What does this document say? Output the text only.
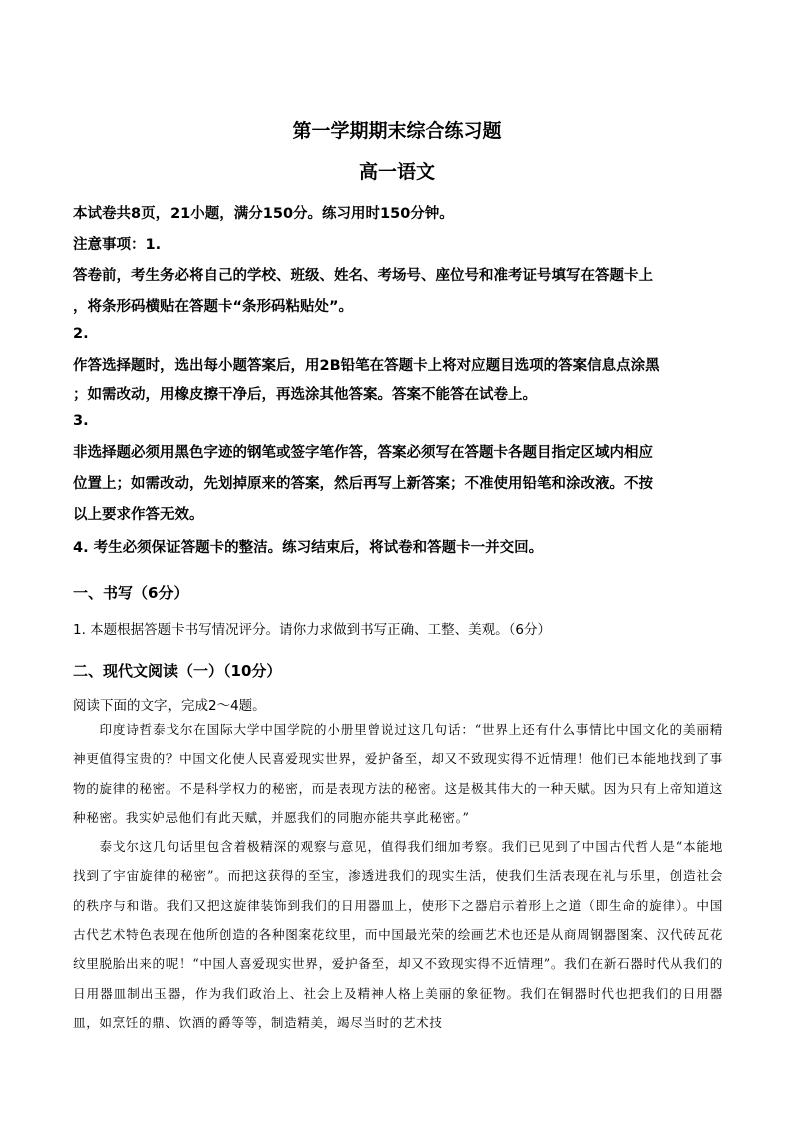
第一学期期末综合练习题
高一语文
本试卷共8页，21小题，满分150分。练习用时150分钟。
注意事项：1.
答卷前，考生务必将自己的学校、班级、姓名、考场号、座位号和准考证号填写在答题卡上
，将条形码横贴在答题卡“条形码粘贴处”。
2.
作答选择题时，选出每小题答案后，用2B铅笔在答题卡上将对应题目选项的答案信息点涂黑
；如需改动，用橡皮擦干净后，再选涂其他答案。答案不能答在试卷上。
3.
非选择题必须用黑色字迹的钢笔或签字笔作答，答案必须写在答题卡各题目指定区域内相应
位置上；如需改动，先划掉原来的答案，然后再写上新答案；不准使用铅笔和涂改液。不按
以上要求作答无效。
4. 考生必须保证答题卡的整洁。练习结束后，将试卷和答题卡一并交回。
一、书写（6分）
1. 本题根据答题卡书写情况评分。请你力求做到书写正确、工整、美观。（6分）
二、现代文阅读（一）（10分）
阅读下面的文字，完成2～4题。

印度诗哲泰戈尔在国际大学中国学院的小册里曾说过这几句话：“世界上还有什么事情比中国文化的美丽精神更值得宝贵的？中国文化使人民喜爱现实世界，爱护备至，却又不致现实得不近情理！他们已本能地找到了事物的旋律的秘密。不是科学权力的秘密，而是表现方法的秘密。这是极其伟大的一种天赋。因为只有上帝知道这种秘密。我实妒忌他们有此天赋，并愿我们的同胞亦能共享此秘密。”

泰戈尔这几句话里包含着极精深的观察与意见，值得我们细加考察。我们已见到了中国古代哲人是“本能地找到了宇宙旋律的秘密”。而把这获得的至宝，渗透进我们的现实生活，使我们生活表现在礼与乐里，创造社会的秩序与和谐。我们又把这旋律装饰到我们的日用器皿上，使形下之器启示着形上之道（即生命的旋律）。中国古代艺术特色表现在他所创造的各种图案花纹里，而中国最光荣的绘画艺术也还是从商周钢器图案、汉代砖瓦花纹里脱胎出来的呢！“中国人喜爱现实世界，爱护备至，却又不致现实得不近情理”。我们在新石器时代从我们的日用器皿制出玉器，作为我们政治上、社会上及精神人格上美丽的象征物。我们在铜器时代也把我们的日用器皿，如烹饪的鼎、饮酒的爵等等，制造精美，竭尽当时的艺术技
